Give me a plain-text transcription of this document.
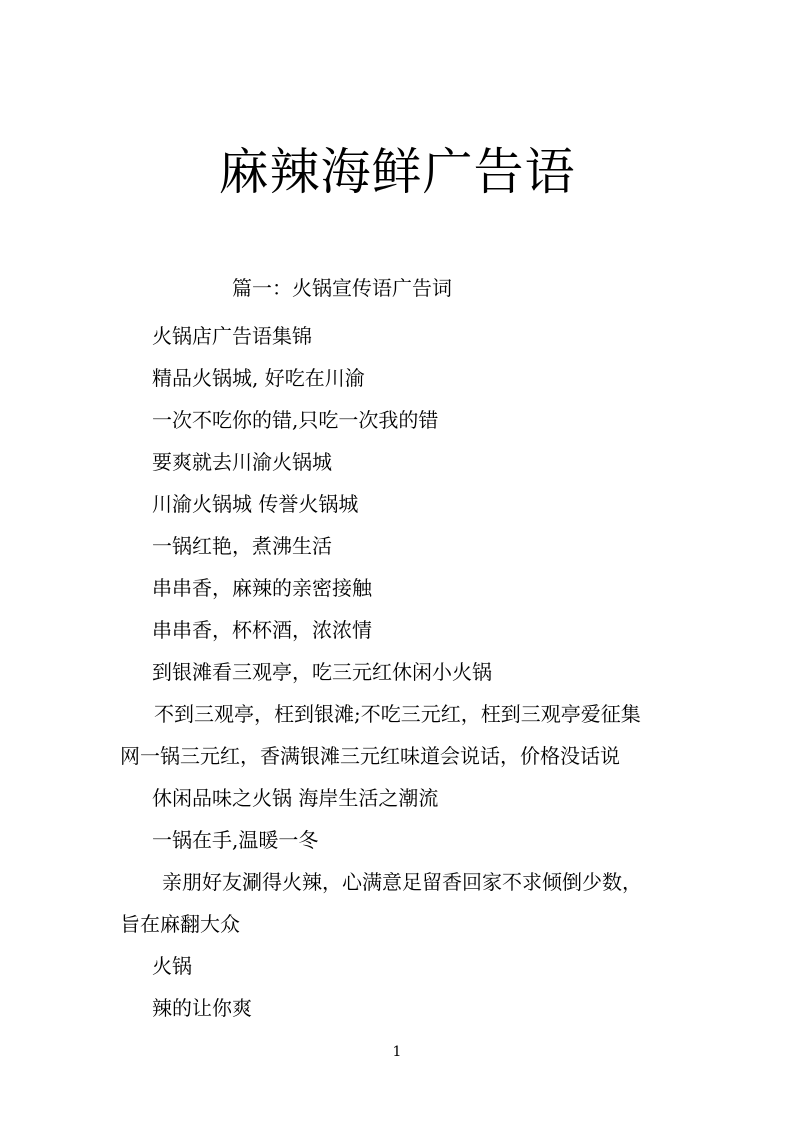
麻辣海鲜广告语
篇一：火锅宣传语广告词
火锅店广告语集锦
精品火锅城, 好吃在川渝
一次不吃你的错,只吃一次我的错
要爽就去川渝火锅城
川渝火锅城 传誉火锅城
一锅红艳，煮沸生活
串串香，麻辣的亲密接触
串串香，杯杯酒，浓浓情
到银滩看三观亭，吃三元红休闲小火锅
不到三观亭，枉到银滩;不吃三元红，枉到三观亭爱征集
网一锅三元红，香满银滩三元红味道会说话，价格没话说
休闲品味之火锅 海岸生活之潮流
一锅在手,温暖一冬
亲朋好友涮得火辣，心满意足留香回家不求倾倒少数，
旨在麻翻大众
火锅
辣的让你爽
1
